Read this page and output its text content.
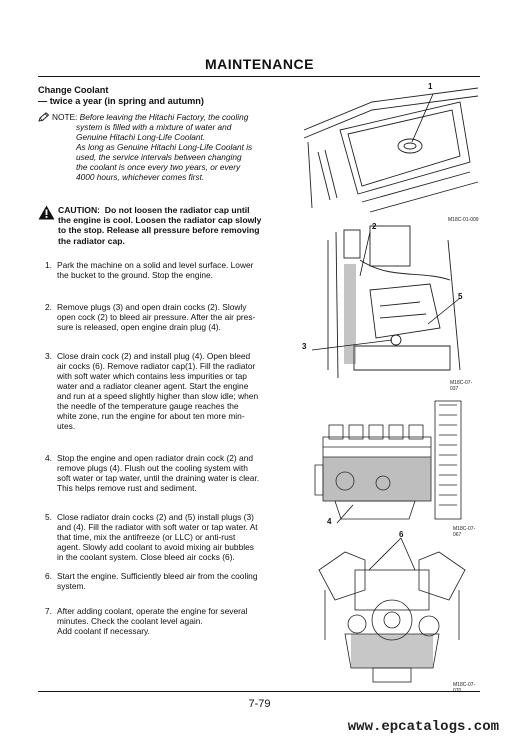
MAINTENANCE
Change Coolant
— twice a year (in spring and autumn)
NOTE: Before leaving the Hitachi Factory, the cooling
system is filled with a mixture of water and
Genuine Hitachi Long-Life Coolant.
As long as Genuine Hitachi Long-Life Coolant is
used, the service intervals between changing
the coolant is once every two years, or every
4000 hours, whichever comes first.
CAUTION: Do not loosen the radiator cap until
the engine is cool. Loosen the radiator cap slowly
to the stop. Release all pressure before removing
the radiator cap.
1. Park the machine on a solid and level surface. Lower
the bucket to the ground. Stop the engine.
2. Remove plugs (3) and open drain cocks (2). Slowly
open cock (2) to bleed air pressure. After the air pres-
sure is released, open engine drain plug (4).
3. Close drain cock (2) and install plug (4). Open bleed
air cocks (6). Remove radiator cap(1). Fill the radiator
with soft water which contains less impurities or tap
water and a radiator cleaner agent. Start the engine
and run at a speed slightly higher than slow idle; when
the needle of the temperature gauge reaches the
white zone, run the engine for about ten more min-
utes.
4. Stop the engine and open radiator drain cock (2) and
remove plugs (4). Flush out the cooling system with
soft water or tap water, until the draining water is clear.
This helps remove rust and sediment.
5. Close radiator drain cocks (2) and (5) install plugs (3)
and (4). Fill the radiator with soft water or tap water. At
that time, mix the antifreeze (or LLC) or anti-rust
agent. Slowly add coolant to avoid mixing air bubbles
in the coolant system. Close bleed air cocks (6).
6. Start the engine. Sufficiently bleed air from the cooling
system.
7. After adding coolant, operate the engine for several
minutes. Check the coolant level again.
Add coolant if necessary.
1
M18C-01-009
2
5
3
M18C-07-037
4
M18C-07-067
6
M18C-07-070
7-79
www.epcatalogs.com
